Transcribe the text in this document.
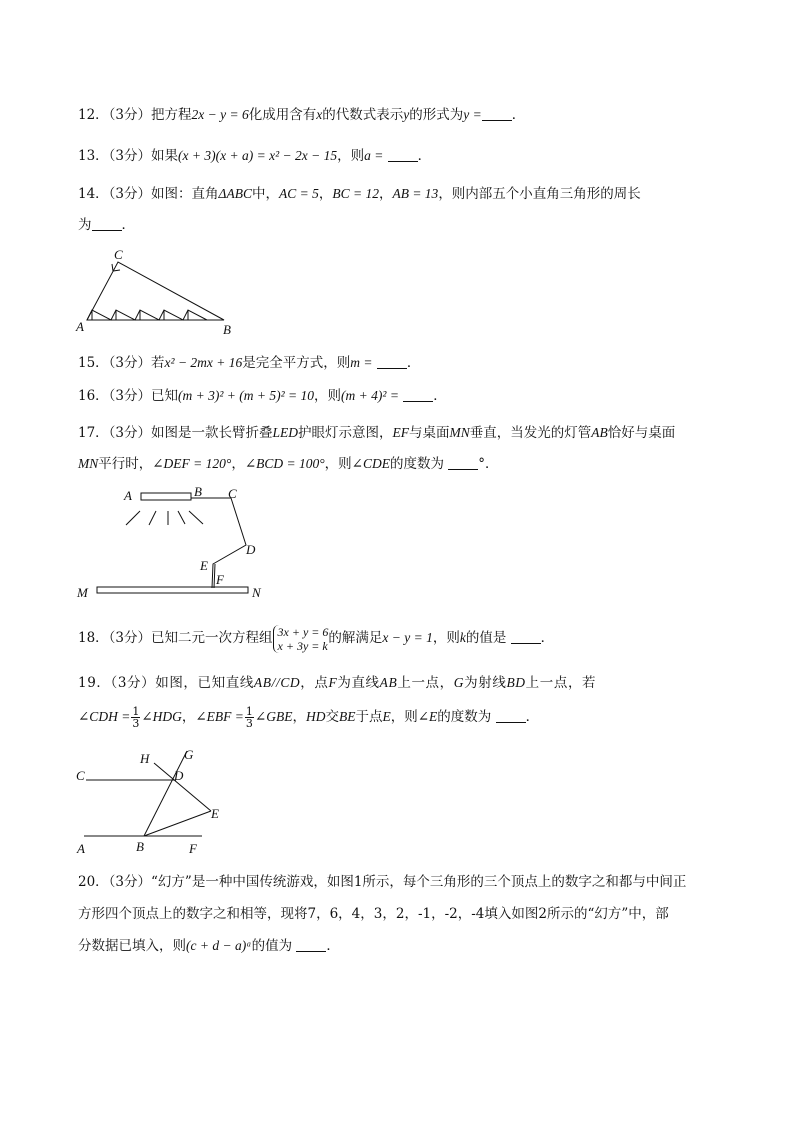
12．（3分）把方程2x − y = 6化成用含有x的代数式表示y的形式为y = ．
13．（3分）如果(x + 3)(x + a) = x² − 2x − 15，则a =	．
14．（3分）如图：直角ΔABC中，AC = 5，BC = 12，AB = 13，则内部五个小直角三角形的周长
为 ．
C
A	B
15．（3分）若x² − 2mx + 16是完全平方式，则m =	．
16．（3分）已知(m + 3)² + (m + 5)² = 10，则(m + 4)² =	．
17．（3分）如图是一款长臂折叠LED护眼灯示意图，EF与桌面MN垂直，当发光的灯管AB恰好与桌面
MN平行时，∠DEF = 120°，∠BCD = 100°，则∠CDE的度数为	°．
A	B C
D
E
F
M	N
18．（3分）已知二元一次方程组 3x + y = 6
x + 3y = k 的解满足x − y = 1，则k的值是	．
19．（3分）如图，已知直线AB//CD，点F为直线AB上一点，G为射线BD上一点，若
∠CDH = $\frac{1}{3}$ ∠HDG，∠EBF = $\frac{1}{3}$ ∠GBE，HD交BE于点E，则∠E的度数为	．
C
H	G
D
E
A	B	F
20．（3分）“幻方”是一种中国传统游戏，如图1所示，每个三角形的三个顶点上的数字之和都与中间正
方形四个顶点上的数字之和相等，现将7，6，4，3，2，-1，-2，-4填入如图2所示的“幻方”中，部
分数据已填入，则(c + d − a)ᵃ的值为	．
